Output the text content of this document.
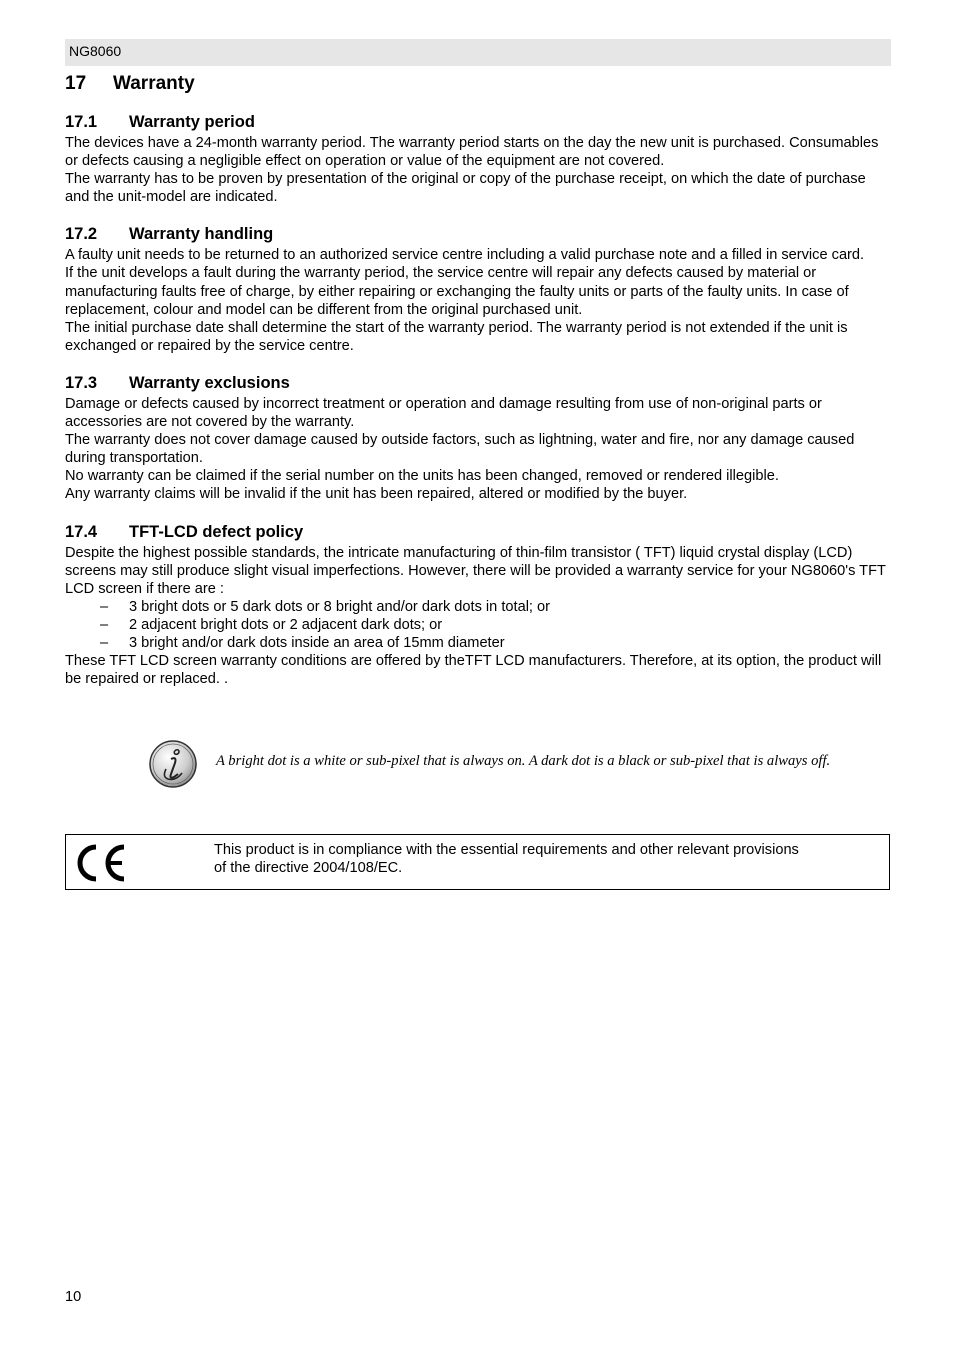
NG8060
17 Warranty
17.1 Warranty period

The devices have a 24-month warranty period. The warranty period starts on the day the new unit is purchased. Consumables or defects causing a negligible effect on operation or value of the equipment are not covered.

The warranty has to be proven by presentation of the original or copy of the purchase receipt, on which the date of purchase and the unit-model are indicated.

17.2 Warranty handling

A faulty unit needs to be returned to an authorized service centre including a valid purchase note and a filled in service card.

If the unit develops a fault during the warranty period, the service centre will repair any defects caused by material or manufacturing faults free of charge, by either repairing or exchanging the faulty units or parts of the faulty units. In case of replacement, colour and model can be different from the original purchased unit.

The initial purchase date shall determine the start of the warranty period. The warranty period is not extended if the unit is exchanged or repaired by the service centre.

17.3 Warranty exclusions

Damage or defects caused by incorrect treatment or operation and damage resulting from use of non-original parts or accessories are not covered by the warranty.

The warranty does not cover damage caused by outside factors, such as lightning, water and fire, nor any damage caused during transportation.

No warranty can be claimed if the serial number on the units has been changed, removed or rendered illegible.

Any warranty claims will be invalid if the unit has been repaired, altered or modified by the buyer.

17.4 TFT-LCD defect policy

Despite the highest possible standards, the intricate manufacturing of thin-film transistor ( TFT) liquid crystal display (LCD) screens may still produce slight visual imperfections. However, there will be provided a warranty service for your NG8060's TFT LCD screen if there are :

– 3 bright dots or 5 dark dots or 8 bright and/or dark dots in total; or
– 2 adjacent bright dots or 2 adjacent dark dots; or
– 3 bright and/or dark dots inside an area of 15mm diameter

These TFT LCD screen warranty conditions are offered by theTFT LCD manufacturers. Therefore, at its option, the product will be repaired or replaced. .

A bright dot is a white or sub-pixel that is always on. A dark dot is a black or sub-pixel that is always off.
This product is in compliance with the essential requirements and other relevant provisions of the directive 2004/108/EC.
10
